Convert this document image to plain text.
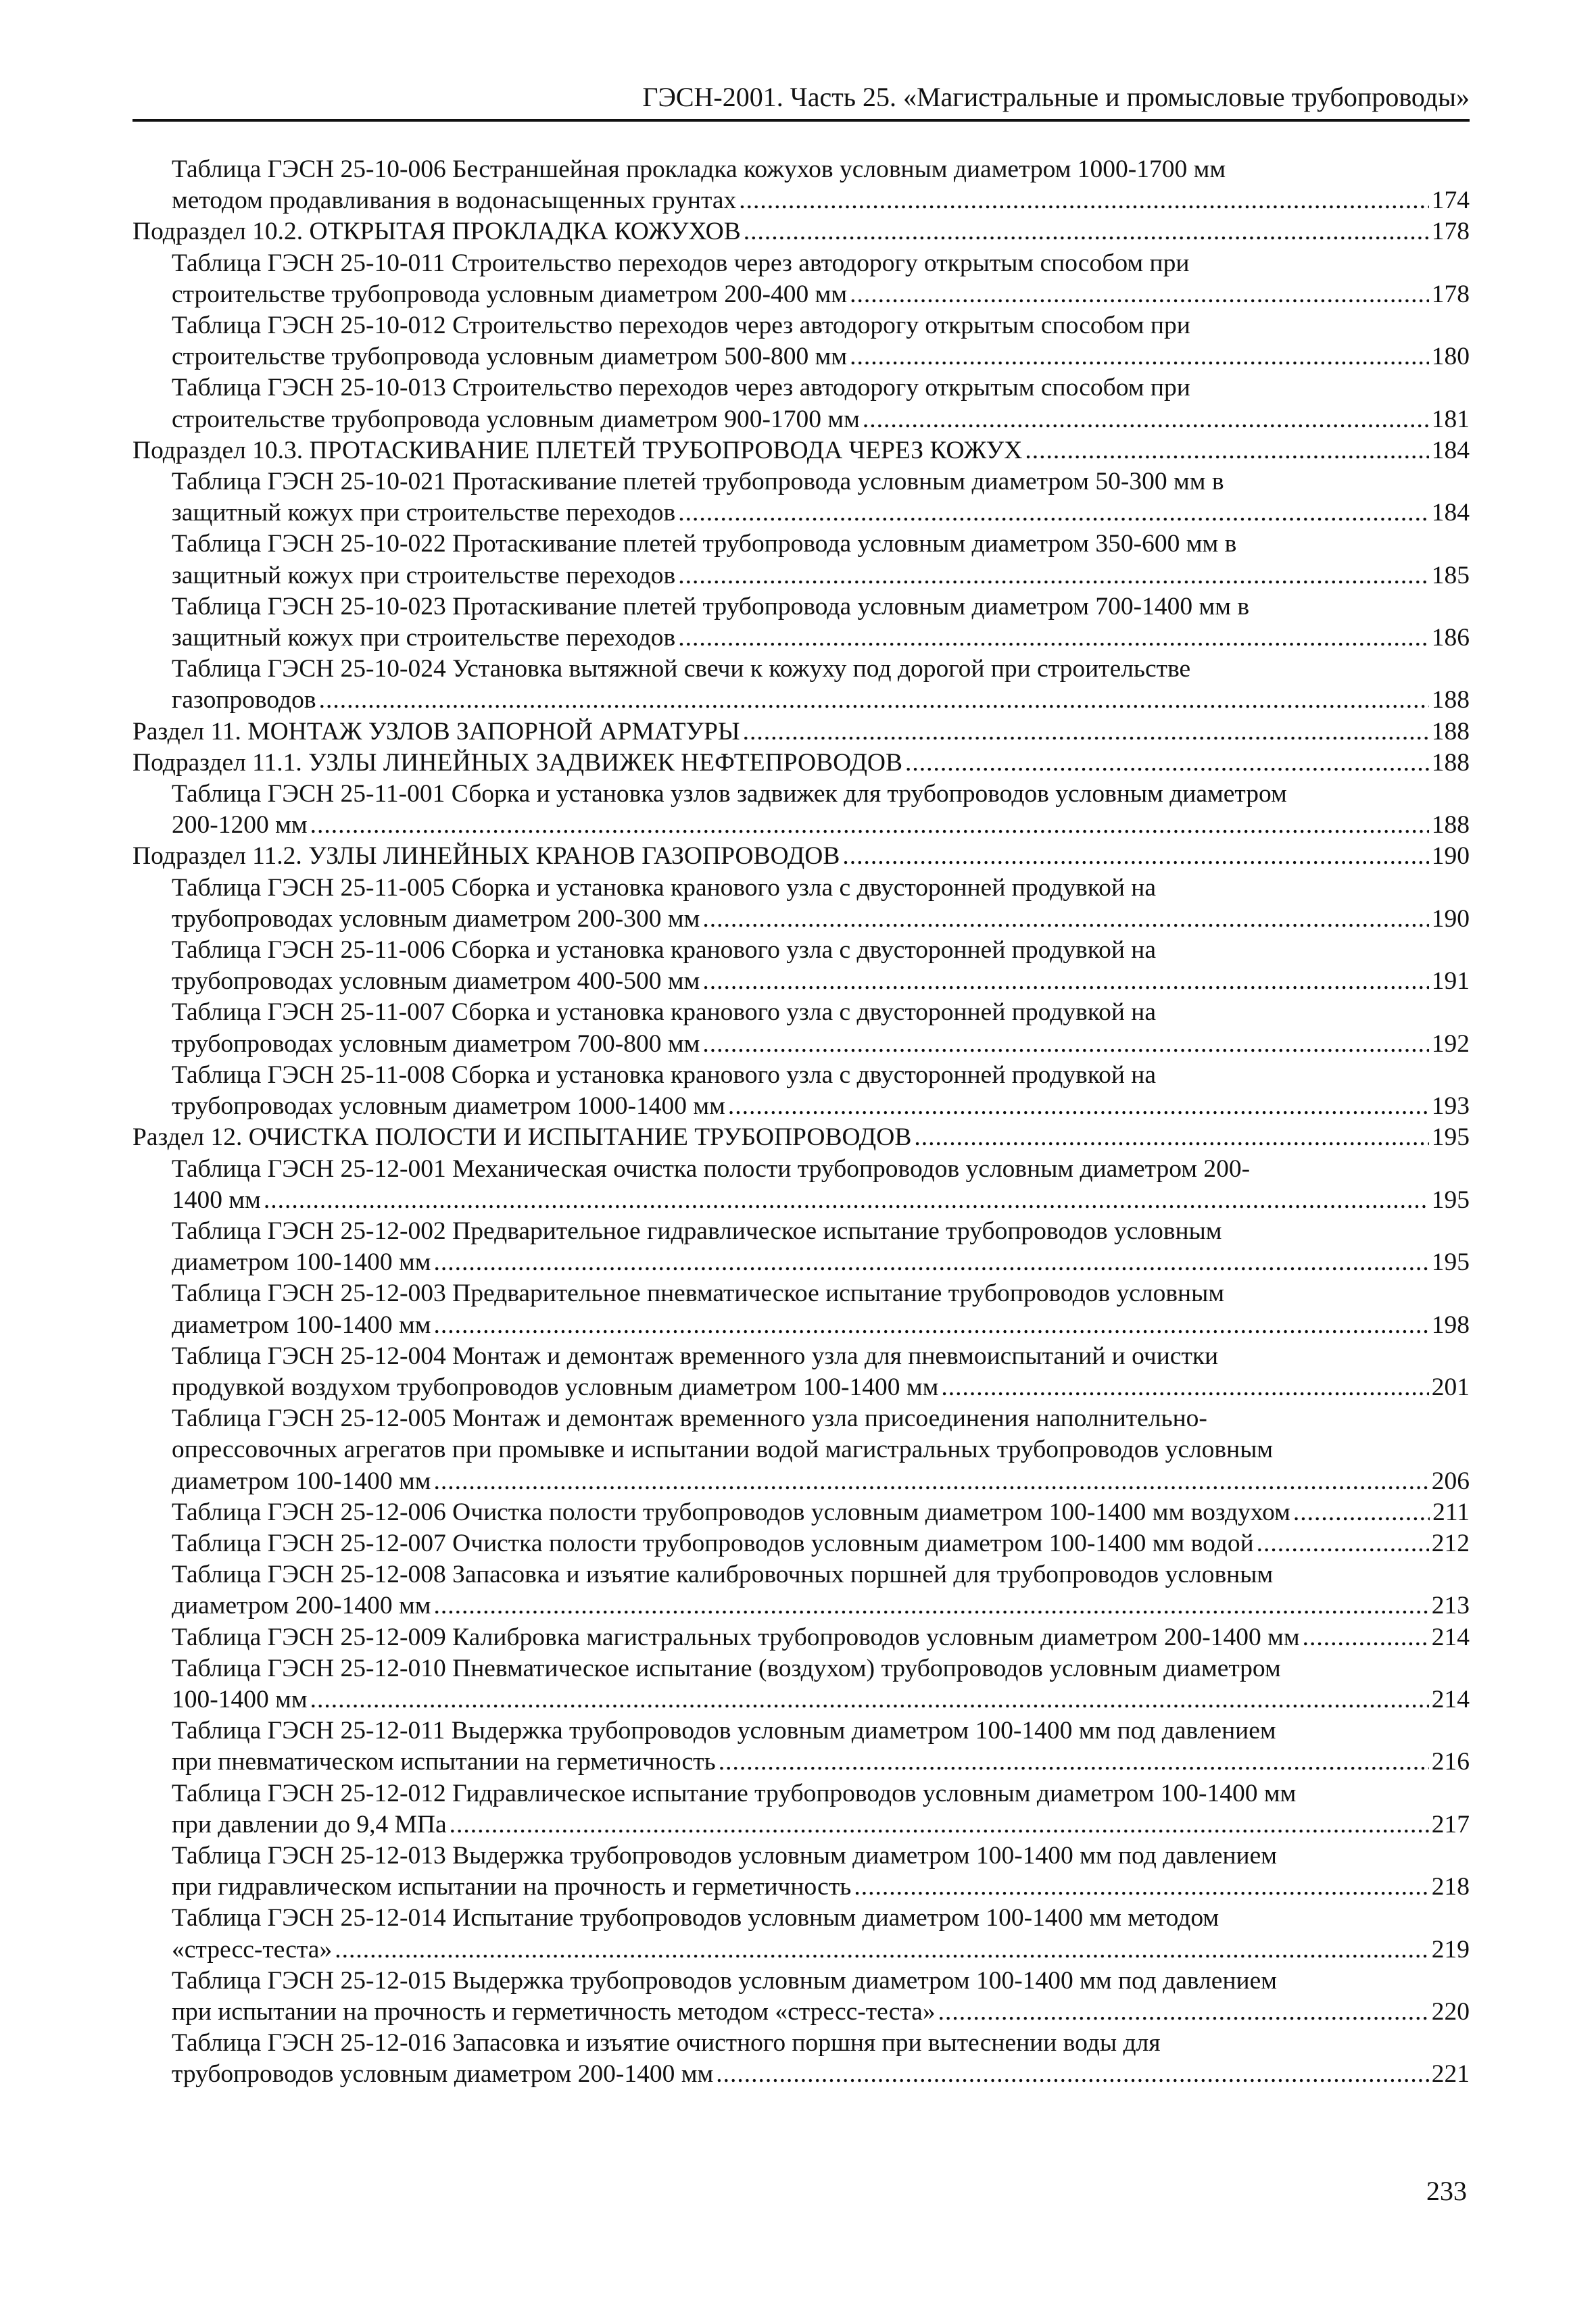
ГЭСН-2001. Часть 25. «Магистральные и промысловые трубопроводы»
Таблица ГЭСН 25-10-006 Бестраншейная прокладка кожухов условным диаметром 1000-1700 мм
методом продавливания в водонасыщенных грунтах .....	174
Подраздел 10.2. ОТКРЫТАЯ ПРОКЛАДКА КОЖУХОВ .....	178
Таблица ГЭСН 25-10-011 Строительство переходов через автодорогу открытым способом при
строительстве трубопровода условным диаметром 200-400 мм .....	178
Таблица ГЭСН 25-10-012 Строительство переходов через автодорогу открытым способом при
строительстве трубопровода условным диаметром 500-800 мм .....	180
Таблица ГЭСН 25-10-013 Строительство переходов через автодорогу открытым способом при
строительстве трубопровода условным диаметром 900-1700 мм .....	181
Подраздел 10.3. ПРОТАСКИВАНИЕ ПЛЕТЕЙ ТРУБОПРОВОДА ЧЕРЕЗ КОЖУХ .....	184
Таблица ГЭСН 25-10-021 Протаскивание плетей трубопровода условным диаметром 50-300 мм в
защитный кожух при строительстве переходов .....	184
Таблица ГЭСН 25-10-022 Протаскивание плетей трубопровода условным диаметром 350-600 мм в
защитный кожух при строительстве переходов .....	185
Таблица ГЭСН 25-10-023 Протаскивание плетей трубопровода условным диаметром 700-1400 мм в
защитный кожух при строительстве переходов .....	186
Таблица ГЭСН 25-10-024 Установка вытяжной свечи к кожуху под дорогой при строительстве
газопроводов .....	188
Раздел 11. МОНТАЖ УЗЛОВ ЗАПОРНОЙ АРМАТУРЫ .....	188
Подраздел 11.1. УЗЛЫ ЛИНЕЙНЫХ ЗАДВИЖЕК НЕФТЕПРОВОДОВ .....	188
Таблица ГЭСН 25-11-001 Сборка и установка узлов задвижек для трубопроводов условным диаметром
200-1200 мм .....	188
Подраздел 11.2. УЗЛЫ ЛИНЕЙНЫХ КРАНОВ ГАЗОПРОВОДОВ .....	190
Таблица ГЭСН 25-11-005 Сборка и установка кранового узла с двусторонней продувкой на
трубопроводах условным диаметром 200-300 мм .....	190
Таблица ГЭСН 25-11-006 Сборка и установка кранового узла с двусторонней продувкой на
трубопроводах условным диаметром 400-500 мм .....	191
Таблица ГЭСН 25-11-007 Сборка и установка кранового узла с двусторонней продувкой на
трубопроводах условным диаметром 700-800 мм .....	192
Таблица ГЭСН 25-11-008 Сборка и установка кранового узла с двусторонней продувкой на
трубопроводах условным диаметром 1000-1400 мм .....	193
Раздел 12. ОЧИСТКА ПОЛОСТИ И ИСПЫТАНИЕ ТРУБОПРОВОДОВ .....	195
Таблица ГЭСН 25-12-001 Механическая очистка полости трубопроводов условным диаметром 200-
1400 мм .....	195
Таблица ГЭСН 25-12-002 Предварительное гидравлическое испытание трубопроводов условным
диаметром 100-1400 мм .....	195
Таблица ГЭСН 25-12-003 Предварительное пневматическое испытание трубопроводов условным
диаметром 100-1400 мм .....	198
Таблица ГЭСН 25-12-004 Монтаж и демонтаж временного узла для пневмоиспытаний и очистки
продувкой воздухом трубопроводов условным диаметром 100-1400 мм .....	201
Таблица ГЭСН 25-12-005 Монтаж и демонтаж временного узла присоединения наполнительно-
опрессовочных агрегатов при промывке и испытании водой магистральных трубопроводов условным
диаметром 100-1400 мм .....	206
Таблица ГЭСН 25-12-006 Очистка полости трубопроводов условным диаметром 100-1400 мм воздухом .....	211
Таблица ГЭСН 25-12-007 Очистка полости трубопроводов условным диаметром 100-1400 мм водой .....	212
Таблица ГЭСН 25-12-008 Запасовка и изъятие калибровочных поршней для трубопроводов условным
диаметром 200-1400 мм .....	213
Таблица ГЭСН 25-12-009 Калибровка магистральных трубопроводов условным диаметром 200-1400 мм .....	214
Таблица ГЭСН 25-12-010 Пневматическое испытание (воздухом) трубопроводов условным диаметром
100-1400 мм .....	214
Таблица ГЭСН 25-12-011 Выдержка трубопроводов условным диаметром 100-1400 мм под давлением
при пневматическом испытании на герметичность .....	216
Таблица ГЭСН 25-12-012 Гидравлическое испытание трубопроводов условным диаметром 100-1400 мм
при давлении до 9,4 МПа .....	217
Таблица ГЭСН 25-12-013 Выдержка трубопроводов условным диаметром 100-1400 мм под давлением
при гидравлическом испытании на прочность и герметичность .....	218
Таблица ГЭСН 25-12-014 Испытание трубопроводов условным диаметром 100-1400 мм методом
«стресс-теста» .....	219
Таблица ГЭСН 25-12-015 Выдержка трубопроводов условным диаметром 100-1400 мм под давлением
при испытании на прочность и герметичность методом «стресс-теста» .....	220
Таблица ГЭСН 25-12-016 Запасовка и изъятие очистного поршня при вытеснении воды для
трубопроводов условным диаметром 200-1400 мм .....	221
233
